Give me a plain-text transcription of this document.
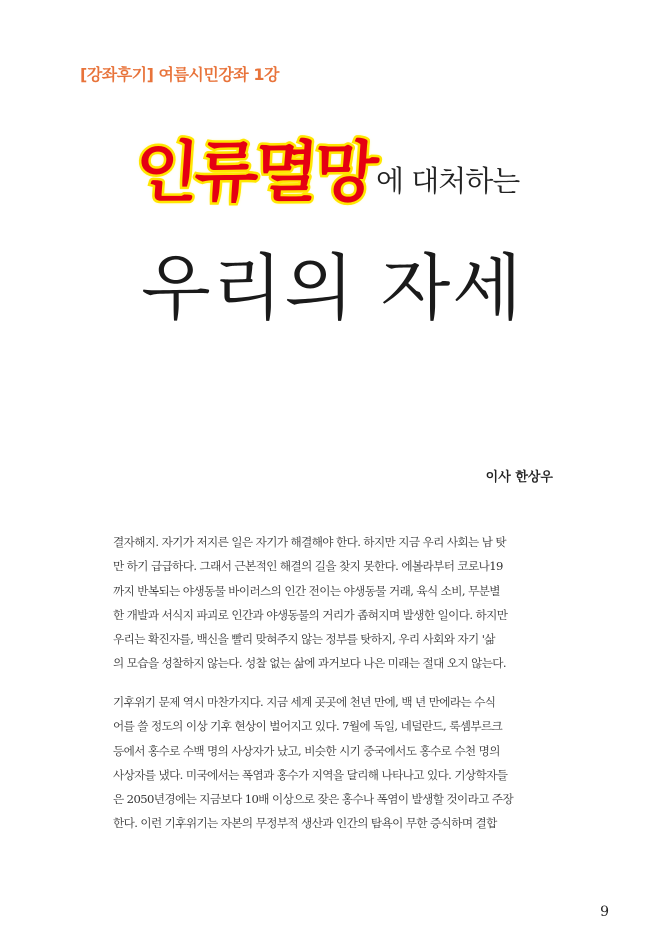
[강좌후기] 여름시민강좌 1강
인류멸망에 대처하는
우리의 자세
이사 한상우

결자해지. 자기가 저지른 일은 자기가 해결해야 한다. 하지만 지금 우리 사회는 남 탓

만 하기 급급하다. 그래서 근본적인 해결의 길을 찾지 못한다. 에볼라부터 코로나19

까지 반복되는 야생동물 바이러스의 인간 전이는 야생동물 거래, 육식 소비, 무분별

한 개발과 서식지 파괴로 인간과 야생동물의 거리가 좁혀지며 발생한 일이다. 하지만

우리는 확진자를, 백신을 빨리 맞혀주지 않는 정부를 탓하지, 우리 사회와 자기 '삶

의 모습을 성찰하지 않는다. 성찰 없는 삶에 과거보다 나은 미래는 절대 오지 않는다.

기후위기 문제 역시 마찬가지다. 지금 세계 곳곳에 천년 만에, 백 년 만에라는 수식

어를 쓸 정도의 이상 기후 현상이 벌어지고 있다. 7월에 독일, 네덜란드, 룩셈부르크

등에서 홍수로 수백 명의 사상자가 났고, 비슷한 시기 중국에서도 홍수로 수천 명의

사상자를 냈다. 미국에서는 폭염과 홍수가 지역을 달리해 나타나고 있다. 기상학자들

은 2050년경에는 지금보다 10배 이상으로 잦은 홍수나 폭염이 발생할 것이라고 주장

한다. 이런 기후위기는 자본의 무정부적 생산과 인간의 탐욕이 무한 증식하며 결합

9
